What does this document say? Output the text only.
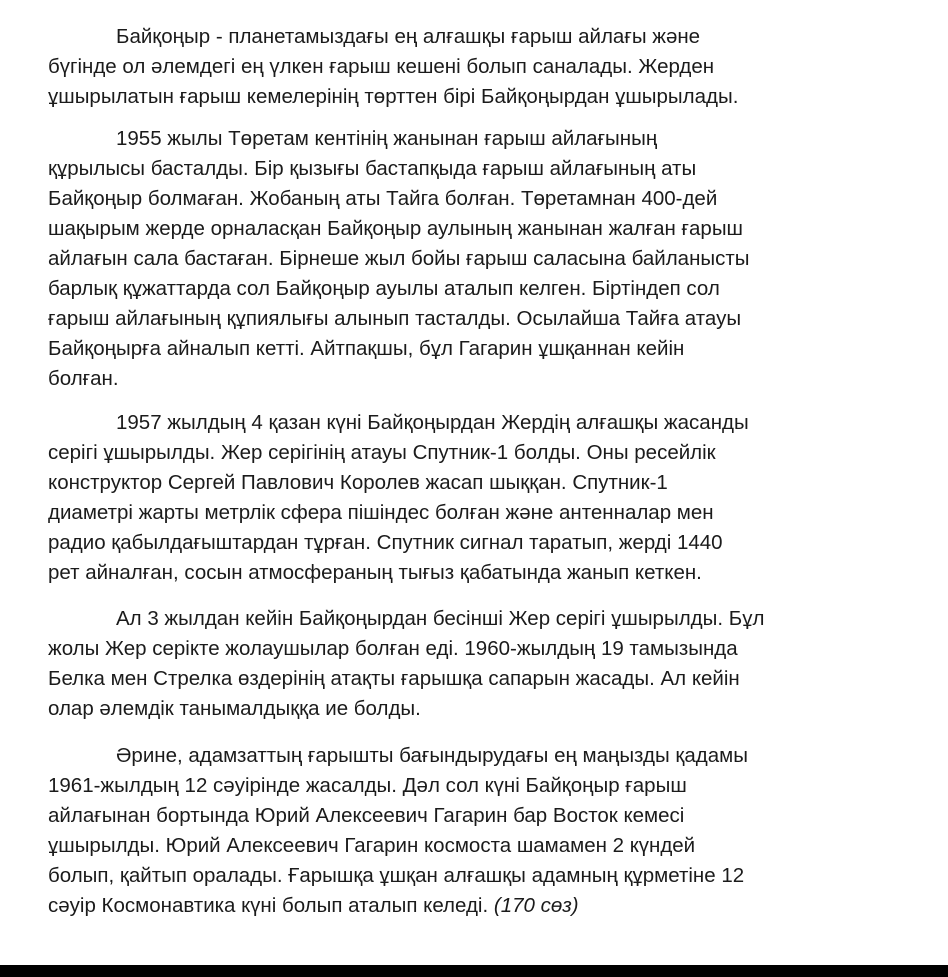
Байқоңыр - планетамыздағы ең алғашқы ғарыш айлағы және
бүгінде ол әлемдегі ең үлкен ғарыш кешені болып саналады. Жерден
ұшырылатын ғарыш кемелерінің төрттен бірі Байқоңырдан ұшырылады.
1955 жылы Төретам кентінің жанынан ғарыш айлағының
құрылысы басталды. Бір қызығы бастапқыда ғарыш айлағының аты
Байқоңыр болмаған. Жобаның аты Тайга болған. Төретамнан 400-дей
шақырым жерде орналасқан Байқоңыр аулының жанынан жалған ғарыш
айлағын сала бастаған. Бірнеше жыл бойы ғарыш саласына байланысты
барлық құжаттарда сол Байқоңыр ауылы аталып келген. Біртіндеп сол
ғарыш айлағының құпиялығы алынып тасталды. Осылайша Тайға атауы
Байқоңырға айналып кетті. Айтпақшы, бұл Гагарин ұшқаннан кейін
болған.
1957 жылдың 4 қазан күні Байқоңырдан Жердің алғашқы жасанды
серігі ұшырылды. Жер серігінің атауы Спутник-1 болды. Оны ресейлік
конструктор Сергей Павлович Королев жасап шыққан. Спутник-1
диаметрі жарты метрлік сфера пішіндес болған және антенналар мен
радио қабылдағыштардан тұрған. Спутник сигнал таратып, жерді 1440
рет айналған, сосын атмосфераның тығыз қабатында жанып кеткен.
Ал 3 жылдан кейін Байқоңырдан бесінші Жер серігі ұшырылды. Бұл
жолы Жер серікте жолаушылар болған еді. 1960-жылдың 19 тамызында
Белка мен Стрелка өздерінің атақты ғарышқа сапарын жасады. Ал кейін
олар әлемдік танымалдыққа ие болды.
Әрине, адамзаттың ғарышты бағындырудағы ең маңызды қадамы
1961-жылдың 12 сәуірінде жасалды. Дәл сол күні Байқоңыр ғарыш
айлағынан бортында Юрий Алексеевич Гагарин бар Восток кемесі
ұшырылды. Юрий Алексеевич Гагарин космоста шамамен 2 күндей
болып, қайтып оралады. Ғарышқа ұшқан алғашқы адамның құрметіне 12
сәуір Космонавтика күні болып аталып келеді. (170 сөз)
